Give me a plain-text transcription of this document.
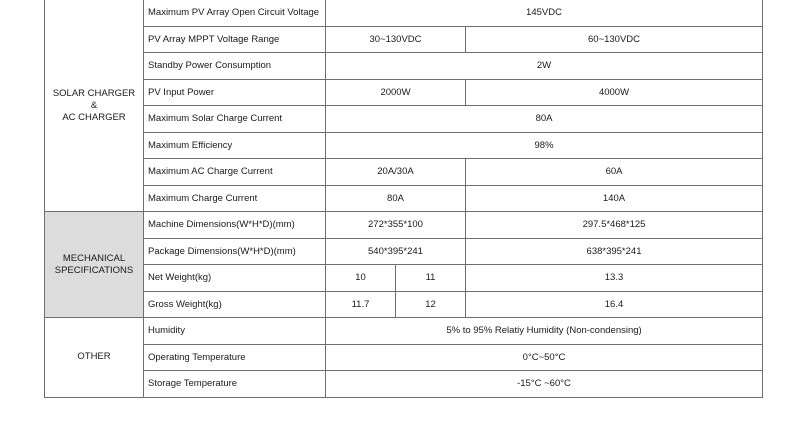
SOLAR CHARGER
&
AC CHARGER	Maximum PV Array Open Circuit Voltage	145VDC		
	PV Array MPPT Voltage Range	30~130VDC		60~130VDC
	Standby Power Consumption	2W		
	PV Input Power	2000W		4000W
	Maximum Solar Charge Current	80A		
	Maximum Efficiency	98%		
	Maximum AC Charge Current	20A/30A		60A
	Maximum Charge Current	80A		140A

MECHANICAL
SPECIFICATIONS	Machine Dimensions(W*H*D)(mm)	272*355*100		297.5*468*125
	Package Dimensions(W*H*D)(mm)	540*395*241		638*395*241
	Net Weight(kg)	10	11	13.3
	Gross Weight(kg)	11.7	12	16.4

OTHER	Humidity	5% to 95% Relatiy Humidity (Non-condensing)		
	Operating Temperature	0°C~50°C		
	Storage Temperature	-15°C ~60°C		
